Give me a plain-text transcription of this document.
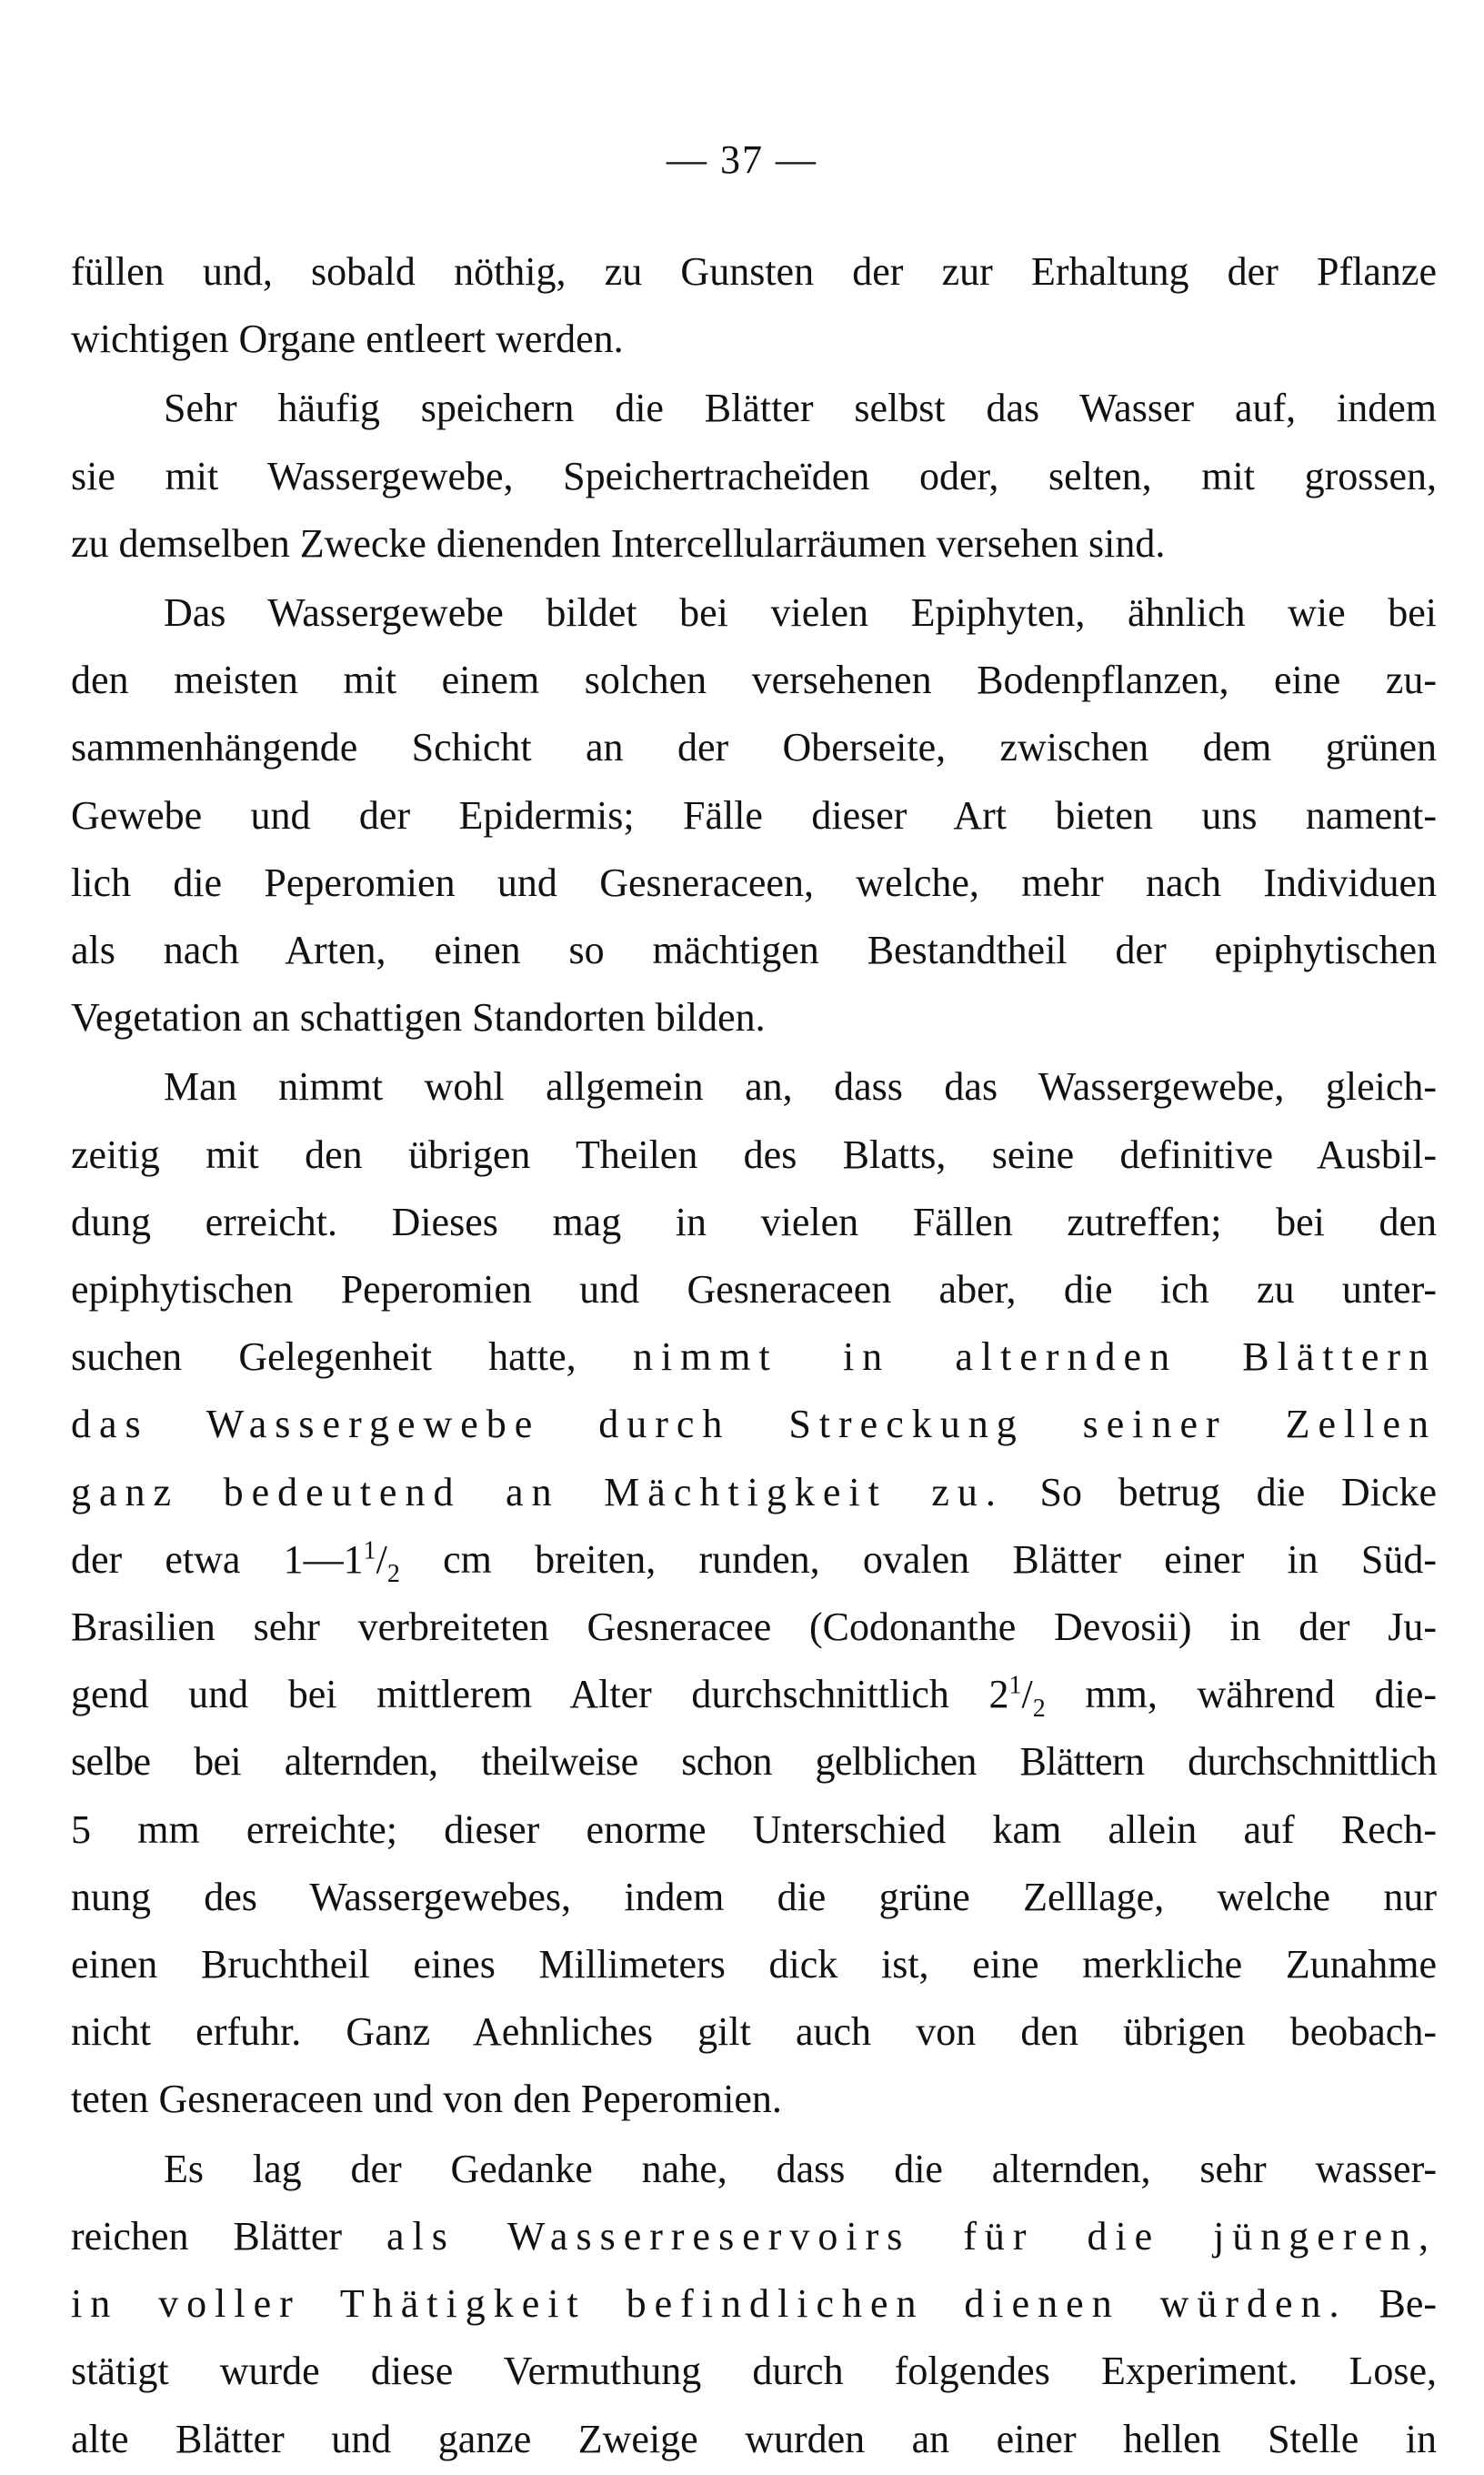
— 37 —
füllen und, sobald nöthig, zu Gunsten der zur Erhaltung der Pflanze
wichtigen Organe entleert werden.
Sehr häufig speichern die Blätter selbst das Wasser auf, indem
sie mit Wassergewebe, Speichertracheïden oder, selten, mit grossen,
zu demselben Zwecke dienenden Intercellularräumen versehen sind.
Das Wassergewebe bildet bei vielen Epiphyten, ähnlich wie bei
den meisten mit einem solchen versehenen Bodenpflanzen, eine zu-
sammenhängende Schicht an der Oberseite, zwischen dem grünen
Gewebe und der Epidermis; Fälle dieser Art bieten uns nament-
lich die Peperomien und Gesneraceen, welche, mehr nach Individuen
als nach Arten, einen so mächtigen Bestandtheil der epiphytischen
Vegetation an schattigen Standorten bilden.
Man nimmt wohl allgemein an, dass das Wassergewebe, gleich-
zeitig mit den übrigen Theilen des Blatts, seine definitive Ausbil-
dung erreicht. Dieses mag in vielen Fällen zutreffen; bei den
epiphytischen Peperomien und Gesneraceen aber, die ich zu unter-
suchen Gelegenheit hatte, nimmt in alternden Blättern
das Wassergewebe durch Streckung seiner Zellen
ganz bedeutend an Mächtigkeit zu. So betrug die Dicke
der etwa $1—1^1/_2$ cm breiten, runden, ovalen Blätter einer in Süd-
Brasilien sehr verbreiteten Gesneracee (Codonanthe Devosii) in der Ju-
gend und bei mittlerem Alter durchschnittlich $2^1/_2$ mm, während die-
selbe bei alternden, theilweise schon gelblichen Blättern durchschnittlich
5 mm erreichte; dieser enorme Unterschied kam allein auf Rech-
nung des Wassergewebes, indem die grüne Zelllage, welche nur
einen Bruchtheil eines Millimeters dick ist, eine merkliche Zunahme
nicht erfuhr. Ganz Aehnliches gilt auch von den übrigen beobach-
teten Gesneraceen und von den Peperomien.
Es lag der Gedanke nahe, dass die alternden, sehr wasser-
reichen Blätter als Wasserreservoirs für die jüngeren,
in voller Thätigkeit befindlichen dienen würden. Be-
stätigt wurde diese Vermuthung durch folgendes Experiment. Lose,
alte Blätter und ganze Zweige wurden an einer hellen Stelle in
